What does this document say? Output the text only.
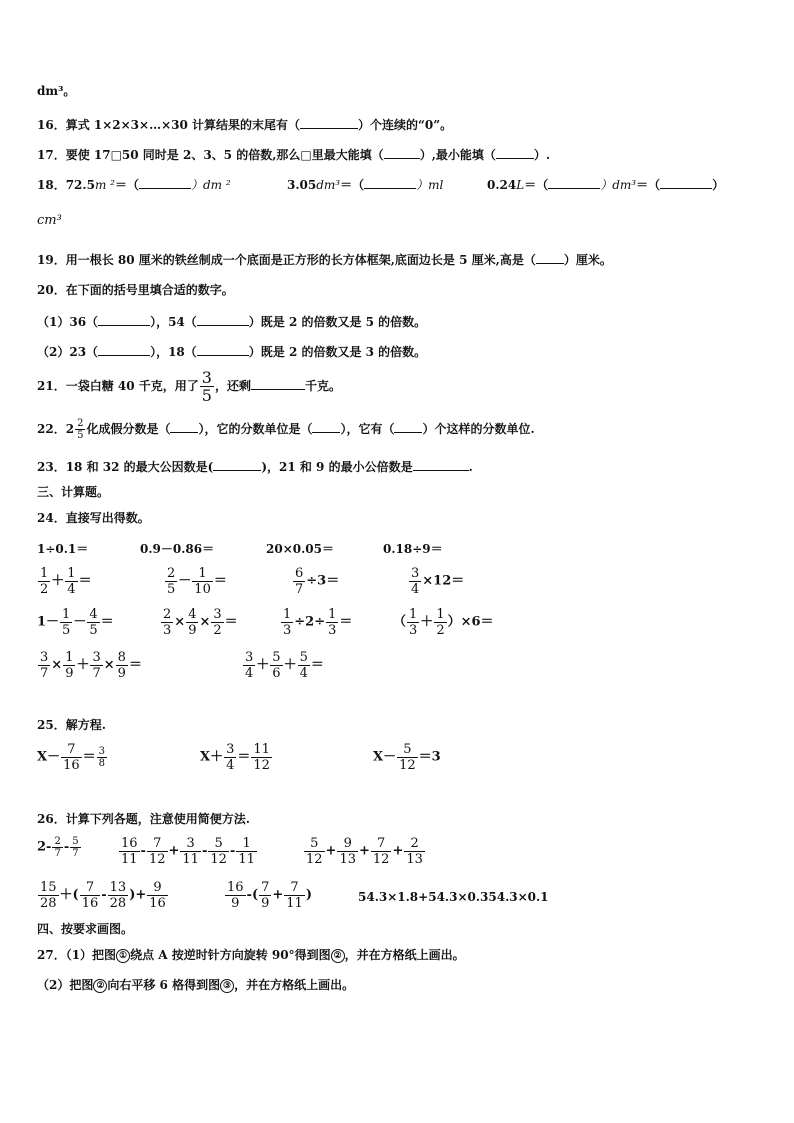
dm³。
16．算式 1×2×3×…×30 计算结果的末尾有（	）个连续的“0”。
17．要使 17□50 同时是 2、3、5 的倍数,那么□里最大能填（	）,最小能填（	）.
18．72.5m ²＝（	）dm ²	3.05dm³＝（	）ml	0.24L＝（	）dm³＝（	）
cm³
19．用一根长 80 厘米的铁丝制成一个底面是正方形的长方体框架,底面边长是 5 厘米,高是（ ）厘米。
20．在下面的括号里填合适的数字。
（1）36（	），54（	）既是 2 的倍数又是 5 的倍数。
（2）23（	），18（	）既是 2 的倍数又是 3 的倍数。
21．一袋白糖 40 千克，用了 $\frac{3}{5}$ ，还剩	千克。
22．$2 \frac{2}{5}$ 化成假分数是（ ），它的分数单位是（ ），它有（ ）个这样的分数单位.
23．18 和 32 的最大公因数是(	)，21 和 9 的最小公倍数是	.
三、计算题。
24．直接写出得数。
1÷0.1＝	0.9－0.86＝	20×0.05＝	0.18÷9＝
$\frac{1}{2} + \frac{1}{4}$ ＝	$\frac{2}{5} - \frac{1}{10}$ ＝	$\frac{6}{7} \div 3=$	$\frac{3}{4} \times 12=$
$1- \frac{1}{5} - \frac{4}{5}$ ＝	$\frac{2}{3} \times \frac{4}{9} \times \frac{3}{2}$ ＝	$\frac{1}{3} \div 2\div \frac{1}{3}$ ＝	（ $\frac{1}{3} + \frac{1}{2} )\times 6=$
$\frac{3}{7} \times \frac{1}{9} + \frac{3}{7} \times \frac{8}{9}$ ＝	$\frac{3}{4} + \frac{5}{6} + \frac{5}{4}$ ＝
25．解方程.
$X- \frac{7}{16} = \frac{3}{8}$	$X+ \frac{3}{4} = \frac{11}{12}$	$X- \frac{5}{12} =3$
26．计算下列各题，注意使用简便方法.
$2- \frac{2}{7} - \frac{5}{7}$	$\frac{16}{11} - \frac{7}{12} + \frac{3}{11} - \frac{5}{12} - \frac{1}{11}$	$\frac{5}{12} + \frac{9}{13} + \frac{7}{12} + \frac{2}{13}$
$\frac{15}{28}$ ＋( $\frac{7}{16} - \frac{13}{28}$ )+ $\frac{9}{16}$	$\frac{16}{9}$ -( $\frac{7}{9} + \frac{7}{11}$ )	54.3×1.8+54.3×0.354.3×0.1
四、按要求画图。
27．（1）把图 ① 绕点 A 按逆时针方向旋转 90°得到图 ② ，并在方格纸上画出。
（2）把图 ② 向右平移 6 格得到图 ③ ，并在方格纸上画出。
